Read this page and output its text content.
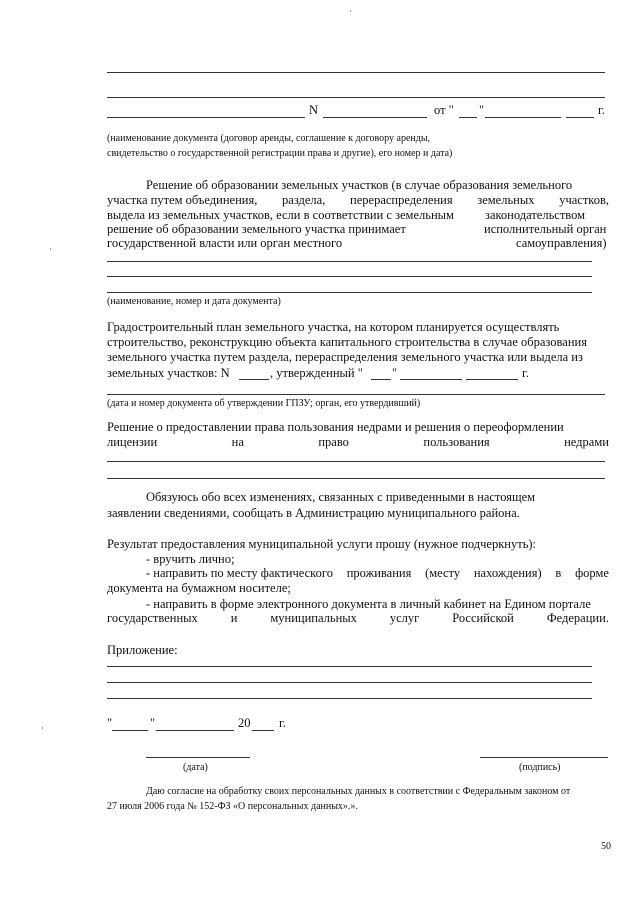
N	от " "	г.
(наименование документа (договор аренды, соглашение к договору аренды,
свидетельство о государственной регистрации права и другие), его номер и дата)
Решение об образовании земельных участков (в случае образования земельного
участка путем объединения, раздела, перераспределения земельных участков,
выдела из земельных участков, если в соответствии с земельным законодательством
решение об образовании земельного участка принимает	исполнительный орган
государственной власти или орган местного	самоуправления)
(наименование, номер и дата документа)
Градостроительный план земельного участка, на котором планируется осуществлять
строительство, реконструкцию объекта капитального строительства в случае образования
земельного участка путем раздела, перераспределения земельного участка или выдела из
земельных участков: N	, утвержденный " "	г.
(дата и номер документа об утверждении ГПЗУ; орган, его утвердивший)
Решение о предоставлении права пользования недрами и решения о переоформлении
лицензии	на	право	пользования	недрами
Обязуюсь обо всех изменениях, связанных с приведенными в настоящем
заявлении сведениями, сообщать в Администрацию муниципального района.
Результат предоставления муниципальной услуги прошу (нужное подчеркнуть):
- вручить лично;
- направить по месту фактического проживания (месту нахождения) в форме
документа на бумажном носителе;
- направить в форме электронного документа в личный кабинет на Едином портале
государственных	и	муниципальных	услуг	Российской	Федерации.
Приложение:
"	"	20 г.
(дата)	(подпись)
Даю согласие на обработку своих персональных данных в соответствии с Федеральным законом от
27 июля 2006 года № 152-ФЗ «О персональных данных».».
50
